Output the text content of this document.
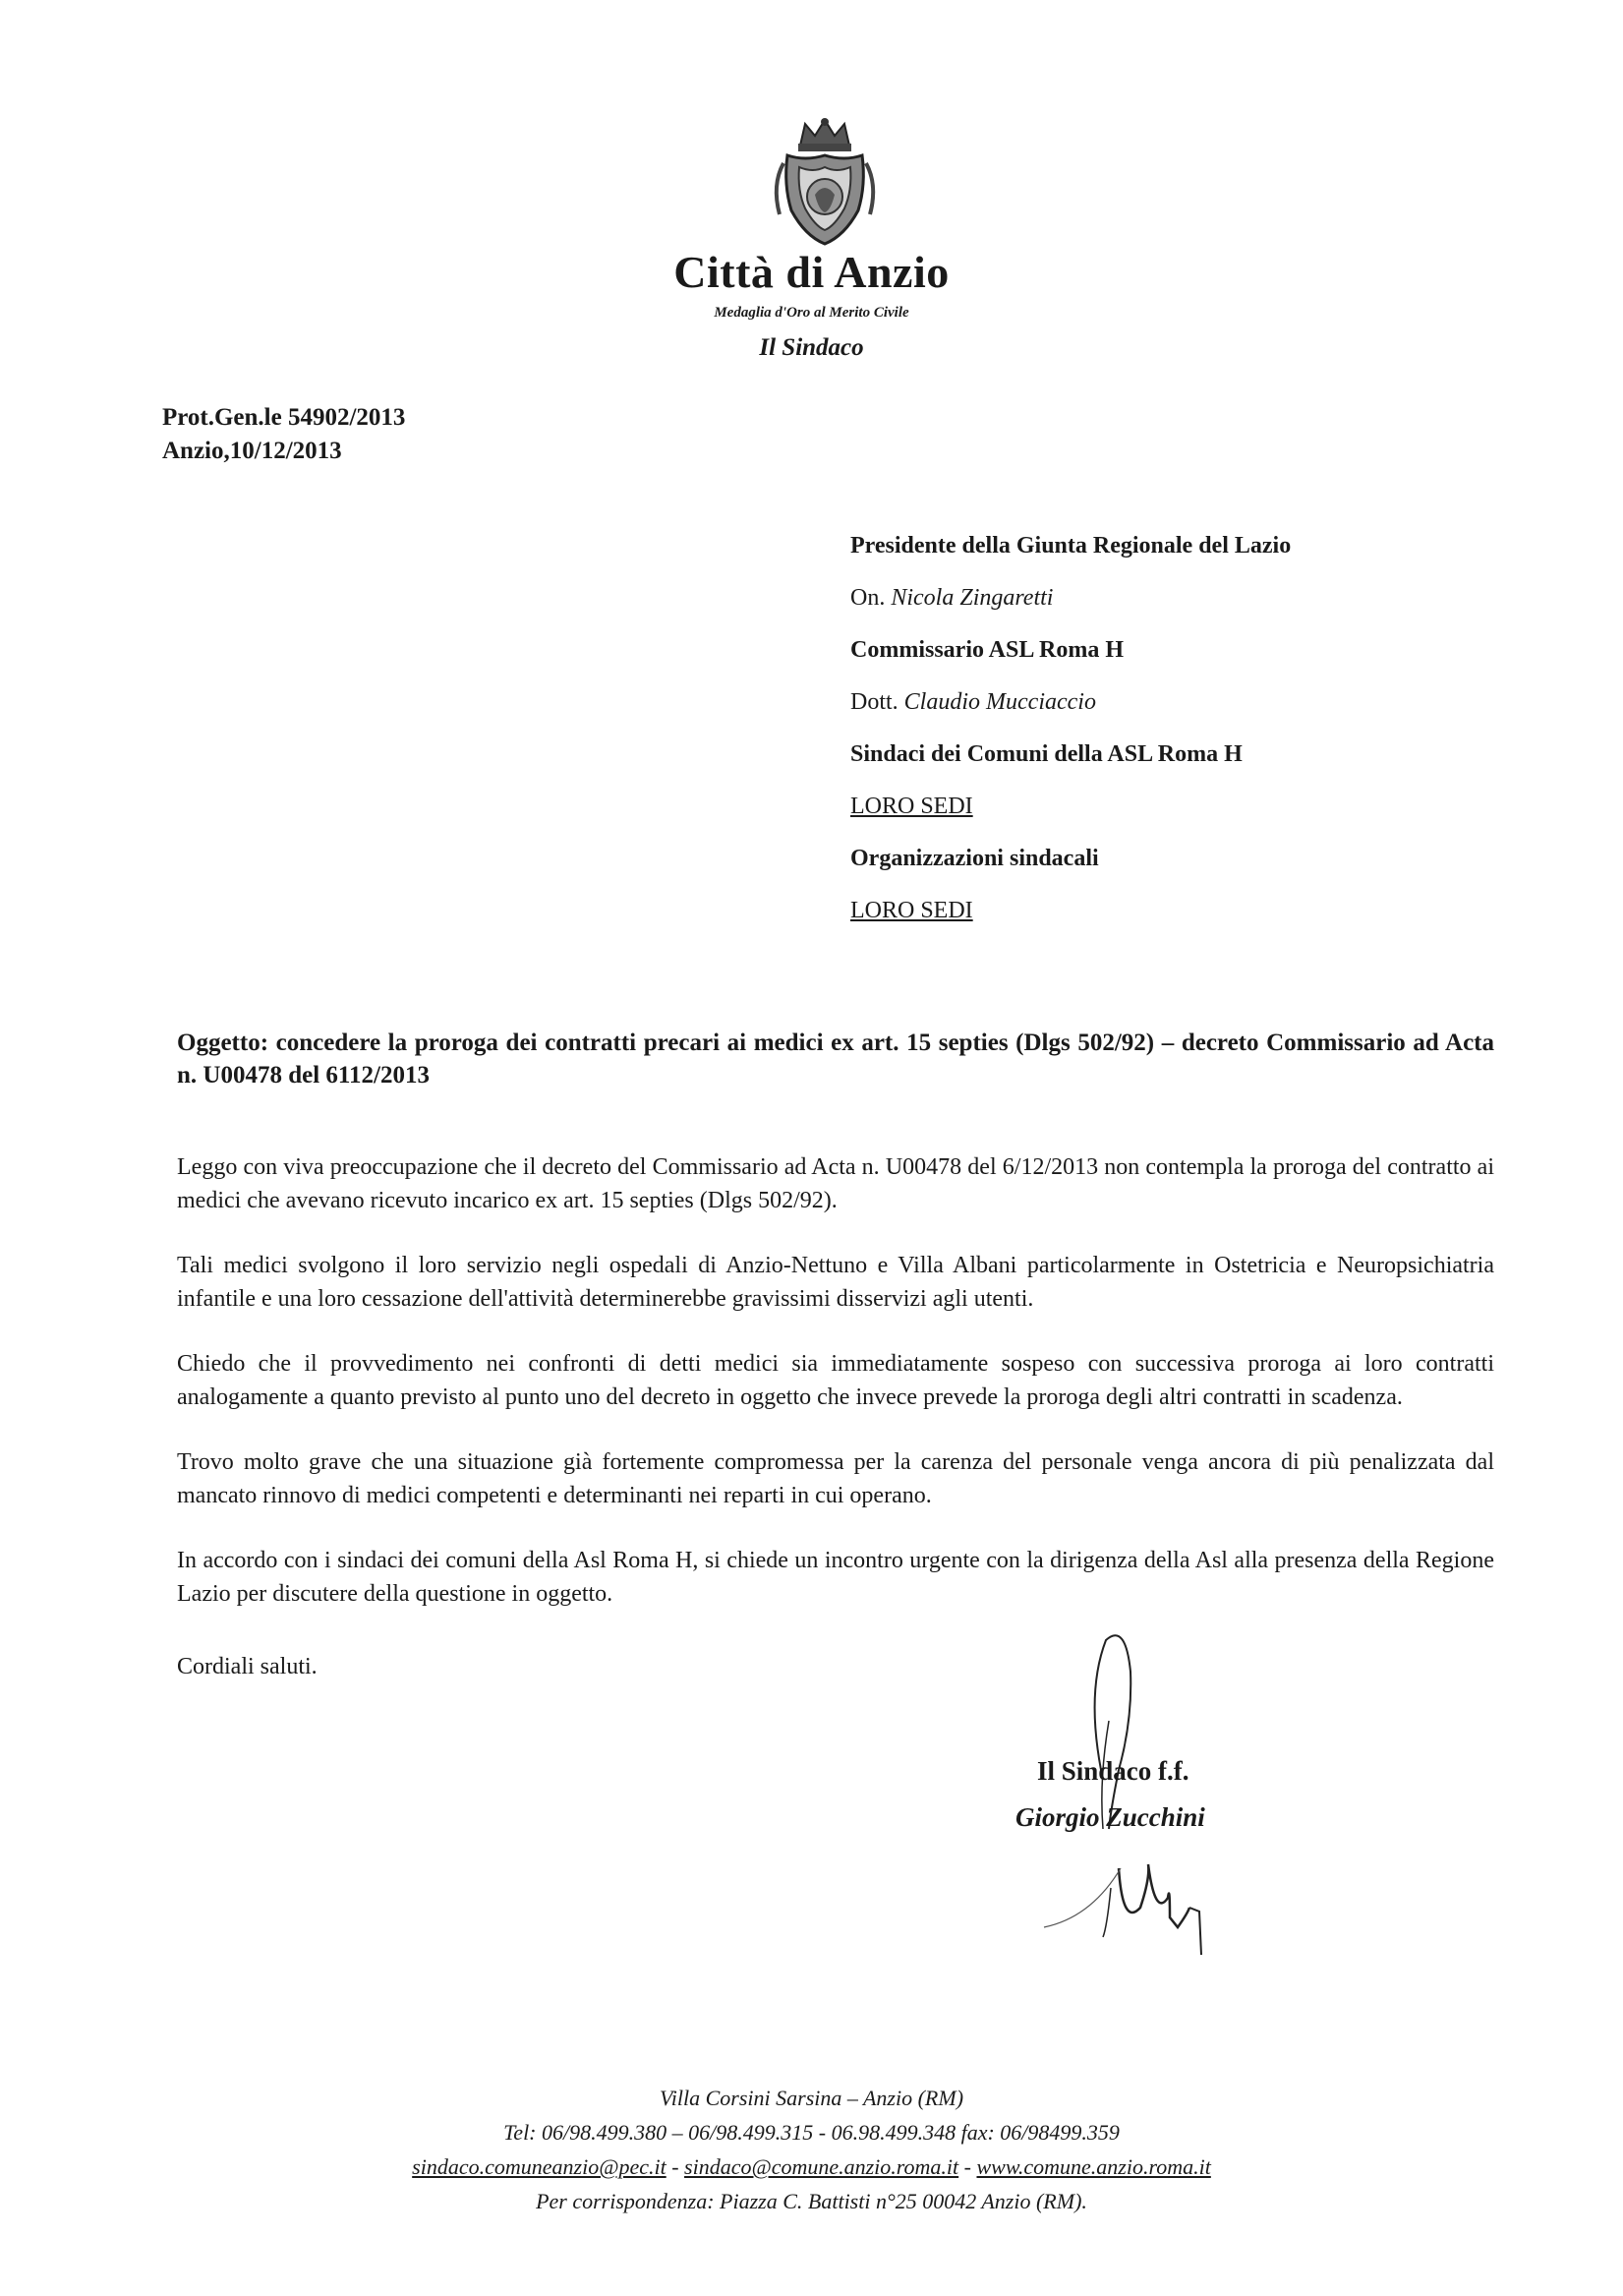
Città di Anzio
Medaglia d'Oro al Merito Civile
Il Sindaco
Prot.Gen.le 54902/2013
Anzio,10/12/2013
Presidente della Giunta Regionale del Lazio
On. Nicola Zingaretti
Commissario ASL Roma H
Dott. Claudio Mucciaccio
Sindaci dei Comuni della ASL Roma H
LORO SEDI
Organizzazioni sindacali
LORO SEDI
Oggetto: concedere la proroga dei contratti precari ai medici ex art. 15 septies (Dlgs 502/92) – decreto Commissario ad Acta n. U00478 del 6112/2013

Leggo con viva preoccupazione che il decreto del Commissario ad Acta n. U00478 del 6/12/2013 non contempla la proroga del contratto ai medici che avevano ricevuto incarico ex art. 15 septies (Dlgs 502/92).

Tali medici svolgono il loro servizio negli ospedali di Anzio-Nettuno e Villa Albani particolarmente in Ostetricia e Neuropsichiatria infantile e una loro cessazione dell'attività determinerebbe gravissimi disservizi agli utenti.

Chiedo che il provvedimento nei confronti di detti medici sia immediatamente sospeso con successiva proroga ai loro contratti analogamente a quanto previsto al punto uno del decreto in oggetto che invece prevede la proroga degli altri contratti in scadenza.

Trovo molto grave che una situazione già fortemente compromessa per la carenza del personale venga ancora di più penalizzata dal mancato rinnovo di medici competenti e determinanti nei reparti in cui operano.

In accordo con i sindaci dei comuni della Asl Roma H, si chiede un incontro urgente con la dirigenza della Asl alla presenza della Regione Lazio per discutere della questione in oggetto.

Cordiali saluti.
Il Sindaco f.f.
Giorgio Zucchini
Villa Corsini Sarsina – Anzio (RM)
Tel: 06/98.499.380 – 06/98.499.315 - 06.98.499.348 fax: 06/98499.359
sindaco.comuneanzio@pec.it - sindaco@comune.anzio.roma.it - www.comune.anzio.roma.it
Per corrispondenza: Piazza C. Battisti n°25 00042 Anzio (RM).
